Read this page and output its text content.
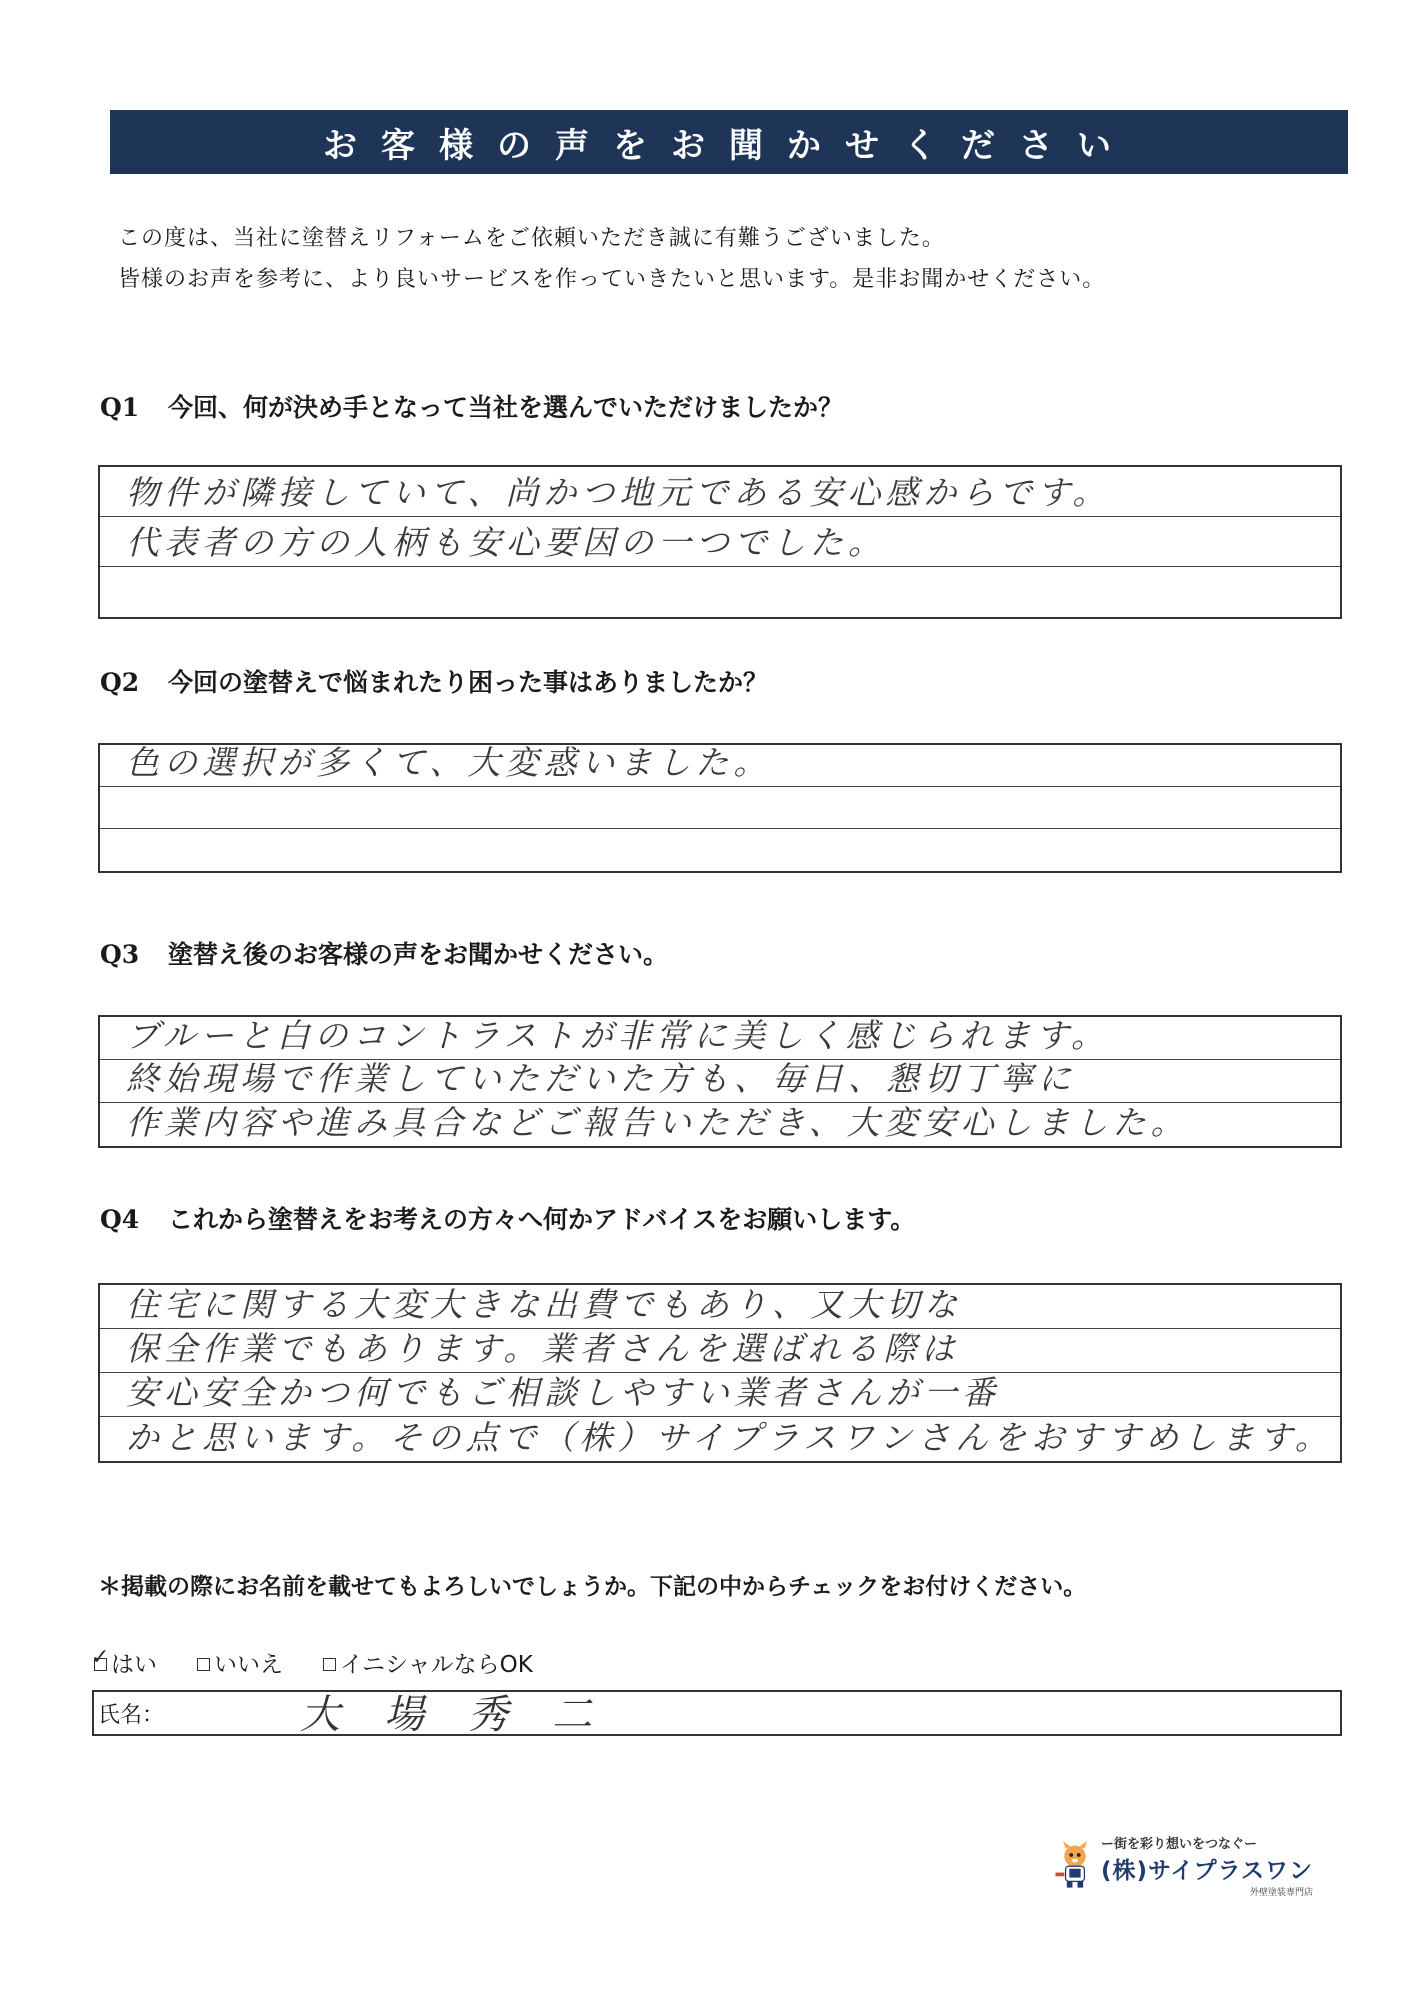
お客様の声をお聞かせください
この度は、当社に塗替えリフォームをご依頼いただき誠に有難うございました。
皆様のお声を参考に、より良いサービスを作っていきたいと思います。是非お聞かせください。
Q1 今回、何が決め手となって当社を選んでいただけましたか？
物件が隣接していて、尚かつ地元である安心感からです。
代表者の方の人柄も安心要因の一つでした。
Q2 今回の塗替えで悩まれたり困った事はありましたか？
色の選択が多くて、大変惑いました。
Q3 塗替え後のお客様の声をお聞かせください。
ブルーと白のコントラストが非常に美しく感じられます。
終始現場で作業していただいた方も、毎日、懇切丁寧に
作業内容や進み具合などご報告いただき、大変安心しました。
Q4 これから塗替えをお考えの方々へ何かアドバイスをお願いします。
住宅に関する大変大きな出費でもあり、又大切な
保全作業でもあります。業者さんを選ばれる際は
安心安全かつ何でもご相談しやすい業者さんが一番
かと思います。その点で（株）サイプラスワンさんをおすすめします。
＊掲載の際にお名前を載せてもよろしいでしょうか。下記の中からチェックをお付けください。
✓
はい いいえ イニシャルならOK
氏名：	大場秀二
ー街を彩り想いをつなぐー
(株)サイプラスワン
外壁塗装専門店
